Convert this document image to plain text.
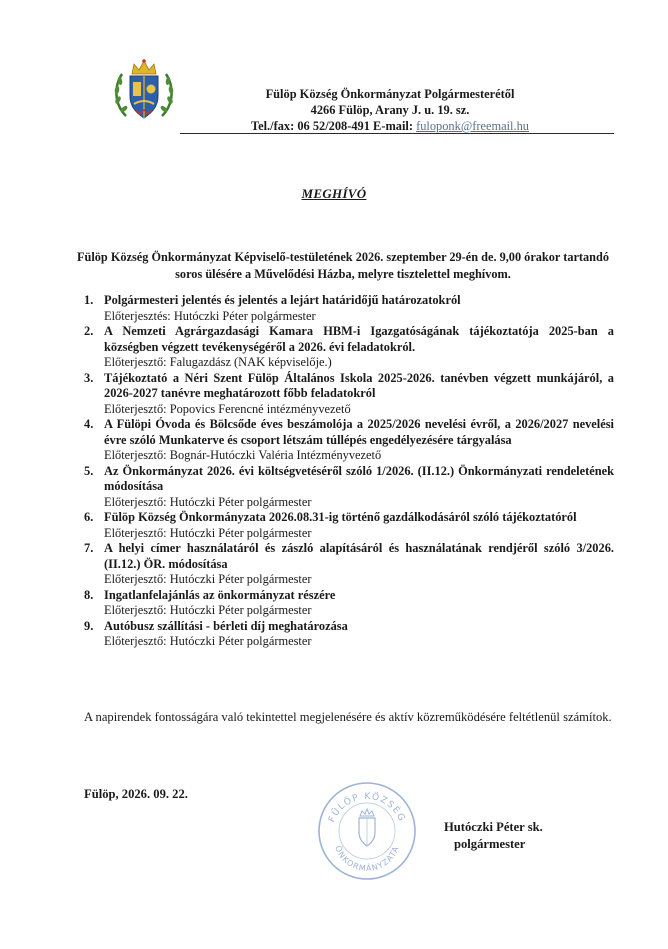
Fülöp Község Önkormányzat Polgármesterétől
4266 Fülöp, Arany J. u. 19. sz.
Tel./fax: 06 52/208-491 E-mail: fuloponk@freemail.hu
MEGHÍVÓ
Fülöp Község Önkormányzat Képviselő-testületének 2026. szeptember 29-én de. 9,00 órakor tartandó soros ülésére a Művelődési Házba, melyre tisztelettel meghívom.
1. Polgármesteri jelentés és jelentés a lejárt határidőjű határozatokról
Előterjesztés: Hutóczki Péter polgármester
2. A Nemzeti Agrárgazdasági Kamara HBM-i Igazgatóságának tájékoztatója 2025-ban a községben végzett tevékenységéről a 2026. évi feladatokról.
Előterjesztő: Falugazdász (NAK képviselője.)
3. Tájékoztató a Néri Szent Fülöp Általános Iskola 2025-2026. tanévben végzett munkájáról, a 2026-2027 tanévre meghatározott főbb feladatokról
Előterjesztő: Popovics Ferencné intézményvezető
4. A Fülöpi Óvoda és Bölcsőde éves beszámolója a 2025/2026 nevelési évről, a 2026/2027 nevelési évre szóló Munkaterve és csoport létszám túllépés engedélyezésére tárgyalása
Előterjesztő: Bognár-Hutóczki Valéria Intézményvezető
5. Az Önkormányzat 2026. évi költségvetéséről szóló 1/2026. (II.12.) Önkormányzati rendeletének módosítása
Előterjesztő: Hutóczki Péter polgármester
6. Fülöp Község Önkormányzata 2026.08.31-ig történő gazdálkodásáról szóló tájékoztatóról
Előterjesztő: Hutóczki Péter polgármester
7. A helyi címer használatáról és zászló alapításáról és használatának rendjéről szóló 3/2026. (II.12.) ÖR. módosítása
Előterjesztő: Hutóczki Péter polgármester
8. Ingatlanfelajánlás az önkormányzat részére
Előterjesztő: Hutóczki Péter polgármester
9. Autóbusz szállítási - bérleti díj meghatározása
Előterjesztő: Hutóczki Péter polgármester
A napirendek fontosságára való tekintettel megjelenésére és aktív közreműködésére feltétlenül számítok.
Fülöp, 2026. 09. 22.
FÜLÖP KÖZSÉG
ÖNKORMÁNYZATA
Hutóczki Péter sk.
polgármester
